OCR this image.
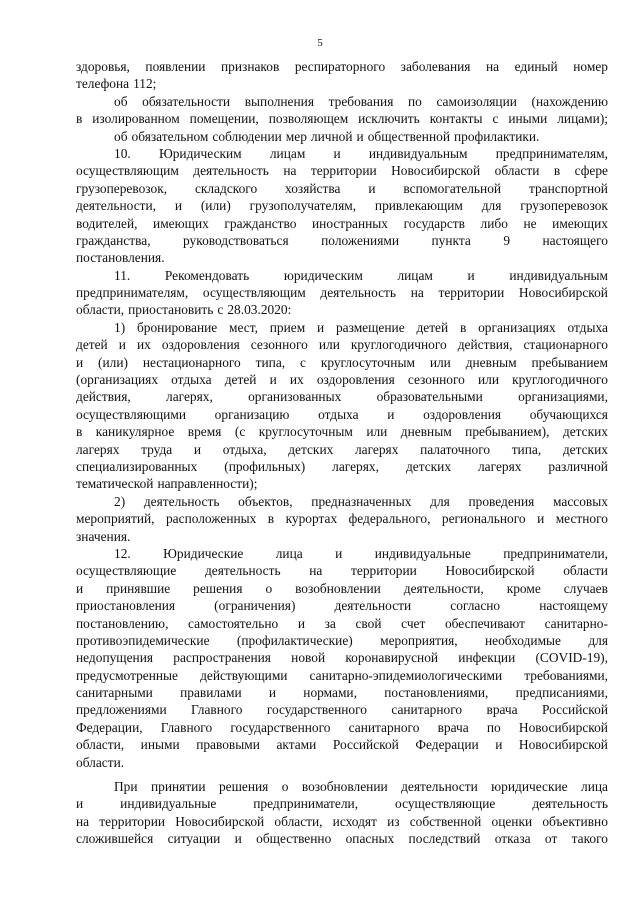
5
здоровья, появлении признаков респираторного заболевания на единый номер
телефона 112;
об обязательности выполнения требования по самоизоляции (нахождению
в изолированном помещении, позволяющем исключить контакты с иными лицами);
об обязательном соблюдении мер личной и общественной профилактики.
10. Юридическим лицам и индивидуальным предпринимателям,
осуществляющим деятельность на территории Новосибирской области в сфере
грузоперевозок, складского хозяйства и вспомогательной транспортной
деятельности, и (или) грузополучателям, привлекающим для грузоперевозок
водителей, имеющих гражданство иностранных государств либо не имеющих
гражданства, руководствоваться положениями пункта 9 настоящего
постановления.
11.	Рекомендовать	юридическим	лицам	и	индивидуальным
предпринимателям, осуществляющим деятельность на территории Новосибирской
области, приостановить с 28.03.2020:
1) бронирование мест, прием и размещение детей в организациях отдыха
детей и их оздоровления сезонного или круглогодичного действия, стационарного
и (или) нестационарного типа, с круглосуточным или дневным пребыванием
(организациях отдыха детей и их оздоровления сезонного или круглогодичного
действия,	лагерях,	организованных	образовательными	организациями,
осуществляющими организацию отдыха и оздоровления обучающихся
в каникулярное время (с круглосуточным или дневным пребыванием), детских
лагерях труда и отдыха, детских лагерях палаточного типа, детских
специализированных (профильных) лагерях, детских лагерях различной
тематической направленности);
2) деятельность объектов, предназначенных для проведения массовых
мероприятий, расположенных в курортах федерального, регионального и местного
значения.
12. Юридические лица и индивидуальные предприниматели,
осуществляющие деятельность на территории Новосибирской области
и принявшие решения о возобновлении деятельности, кроме случаев
приостановления	(ограничения)	деятельности	согласно	настоящему
постановлению, самостоятельно и за свой счет обеспечивают санитарно-
противоэпидемические (профилактические) мероприятия, необходимые для
недопущения распространения новой коронавирусной инфекции (COVID-19),
предусмотренные действующими санитарно-эпидемиологическими требованиями,
санитарными правилами и нормами, постановлениями, предписаниями,
предложениями Главного государственного санитарного врача Российской
Федерации, Главного государственного санитарного врача по Новосибирской
области, иными правовыми актами Российской Федерации и Новосибирской
области.
При принятии решения о возобновлении деятельности юридические лица
и	индивидуальные	предприниматели,	осуществляющие	деятельность
на территории Новосибирской области, исходят из собственной оценки объективно
сложившейся ситуации и общественно опасных последствий отказа от такого
